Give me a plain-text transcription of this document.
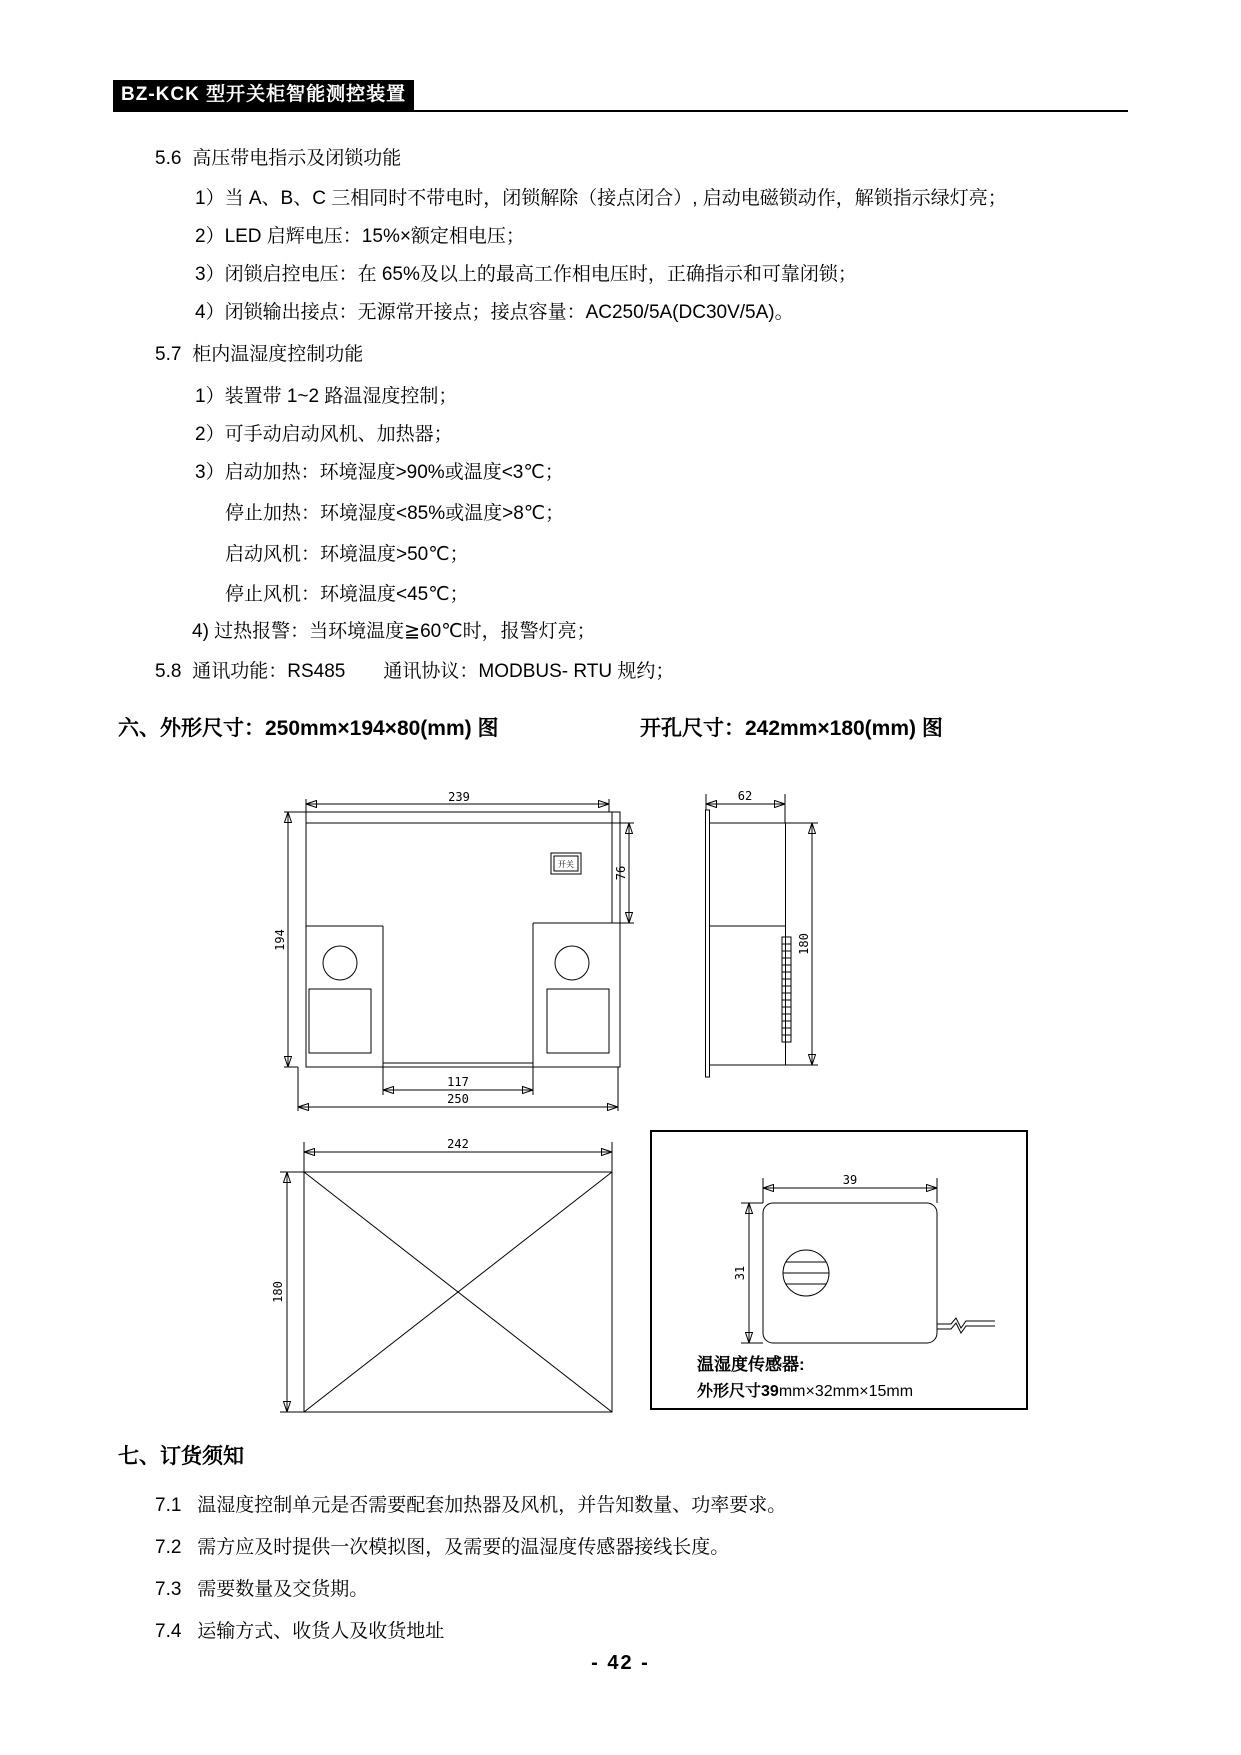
BZ-KCK 型开关柜智能测控装置
5.6 高压带电指示及闭锁功能
1）当 A、B、C 三相同时不带电时，闭锁解除（接点闭合）, 启动电磁锁动作，解锁指示绿灯亮；
2）LED 启辉电压：15%×额定相电压；
3）闭锁启控电压：在 65%及以上的最高工作相电压时，正确指示和可靠闭锁；
4）闭锁输出接点：无源常开接点；接点容量：AC250/5A(DC30V/5A)。
5.7 柜内温湿度控制功能
1）装置带 1~2 路温湿度控制；
2）可手动启动风机、加热器；
3）启动加热：环境湿度>90%或温度<3℃；
停止加热：环境湿度<85%或温度>8℃；
启动风机：环境温度>50℃；
停止风机：环境温度<45℃；
4) 过热报警：当环境温度≧60℃时，报警灯亮；
5.8 通讯功能：RS485　　通讯协议：MODBUS- RTU 规约；
六、外形尺寸：250mm×194×80(mm) 图	开孔尺寸：242mm×180(mm) 图
239
开关
194
76
117
250
62
180
242
180
39
31
温湿度传感器:
外形尺寸39mm×32mm×15mm
七、订货须知
7.1 温湿度控制单元是否需要配套加热器及风机，并告知数量、功率要求。
7.2 需方应及时提供一次模拟图，及需要的温湿度传感器接线长度。
7.3 需要数量及交货期。
7.4 运输方式、收货人及收货地址
- 42 -
